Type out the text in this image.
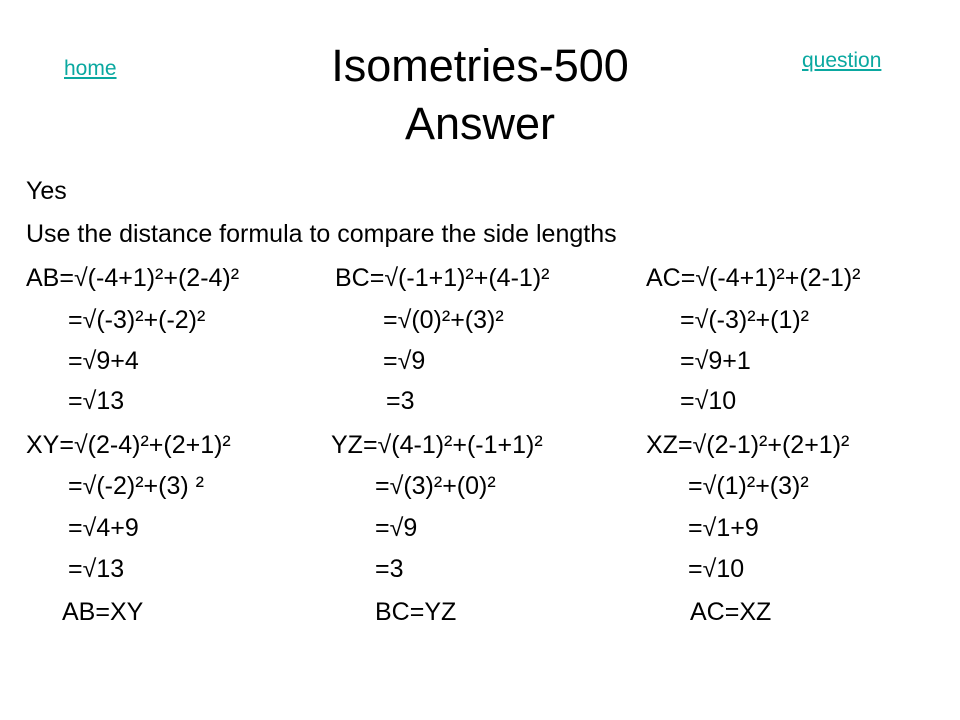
home	question
Isometries-500
Answer
Yes
Use the distance formula to compare the side lengths
AB=√(-4+1)²+(2-4)²
=√(-3)²+(-2)²
=√9+4
=√13
BC=√(-1+1)²+(4-1)²
=√(0)²+(3)²
=√9
=3
AC=√(-4+1)²+(2-1)²
=√(-3)²+(1)²
=√9+1
=√10
XY=√(2-4)²+(2+1)²
=√(-2)²+(3) ²
=√4+9
=√13
YZ=√(4-1)²+(-1+1)²
=√(3)²+(0)²
=√9
=3
XZ=√(2-1)²+(2+1)²
=√(1)²+(3)²
=√1+9
=√10
AB=XY	BC=YZ	AC=XZ
